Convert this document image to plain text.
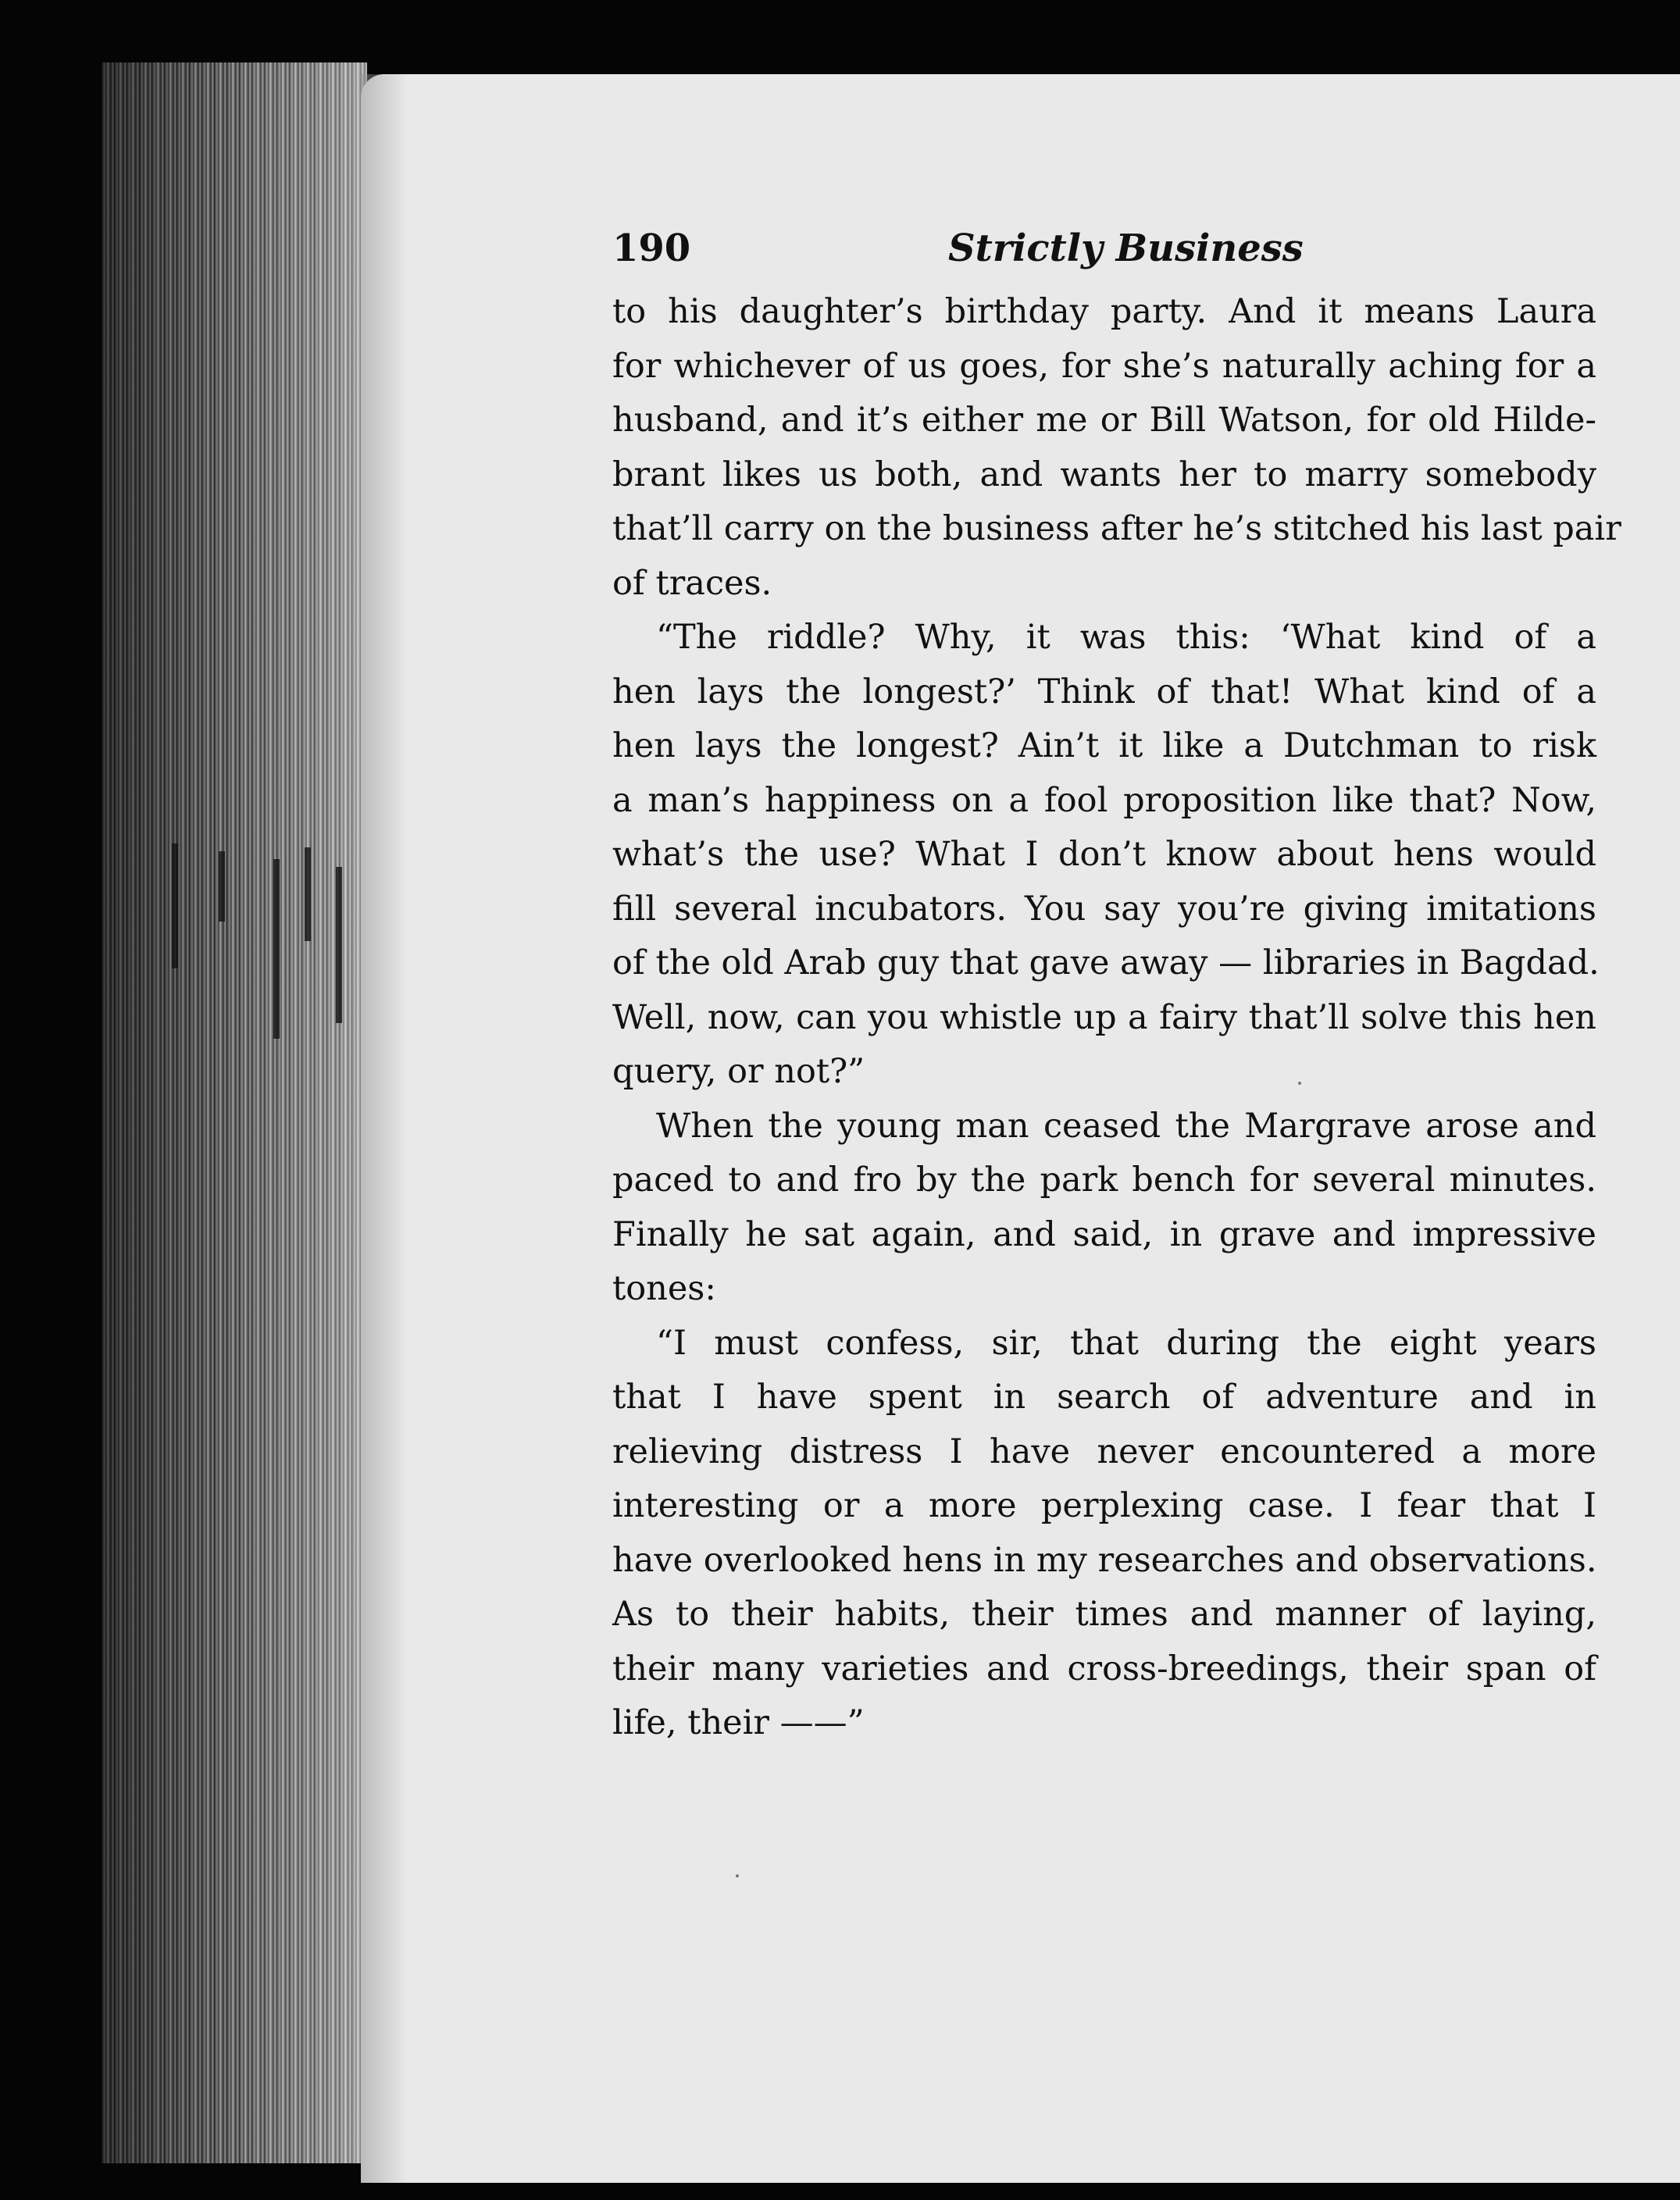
190	Strictly Business

to his daughter’s birthday party. And it means Laura
for whichever of us goes, for she’s naturally aching for a
husband, and it’s either me or Bill Watson, for old Hilde-
brant likes us both, and wants her to marry somebody
that’ll carry on the business after he’s stitched his last pair
of traces.

“The riddle? Why, it was this: ‘What kind of a
hen lays the longest?’ Think of that! What kind of a
hen lays the longest? Ain’t it like a Dutchman to risk
a man’s happiness on a fool proposition like that? Now,
what’s the use? What I don’t know about hens would
fill several incubators. You say you’re giving imitations
of the old Arab guy that gave away — libraries in Bagdad.
Well, now, can you whistle up a fairy that’ll solve this hen
query, or not?”

When the young man ceased the Margrave arose and
paced to and fro by the park bench for several minutes.
Finally he sat again, and said, in grave and impressive
tones:

“I must confess, sir, that during the eight years
that I have spent in search of adventure and in
relieving distress I have never encountered a more
interesting or a more perplexing case. I fear that I
have overlooked hens in my researches and observations.
As to their habits, their times and manner of laying,
their many varieties and cross-breedings, their span of
life, their ——”
